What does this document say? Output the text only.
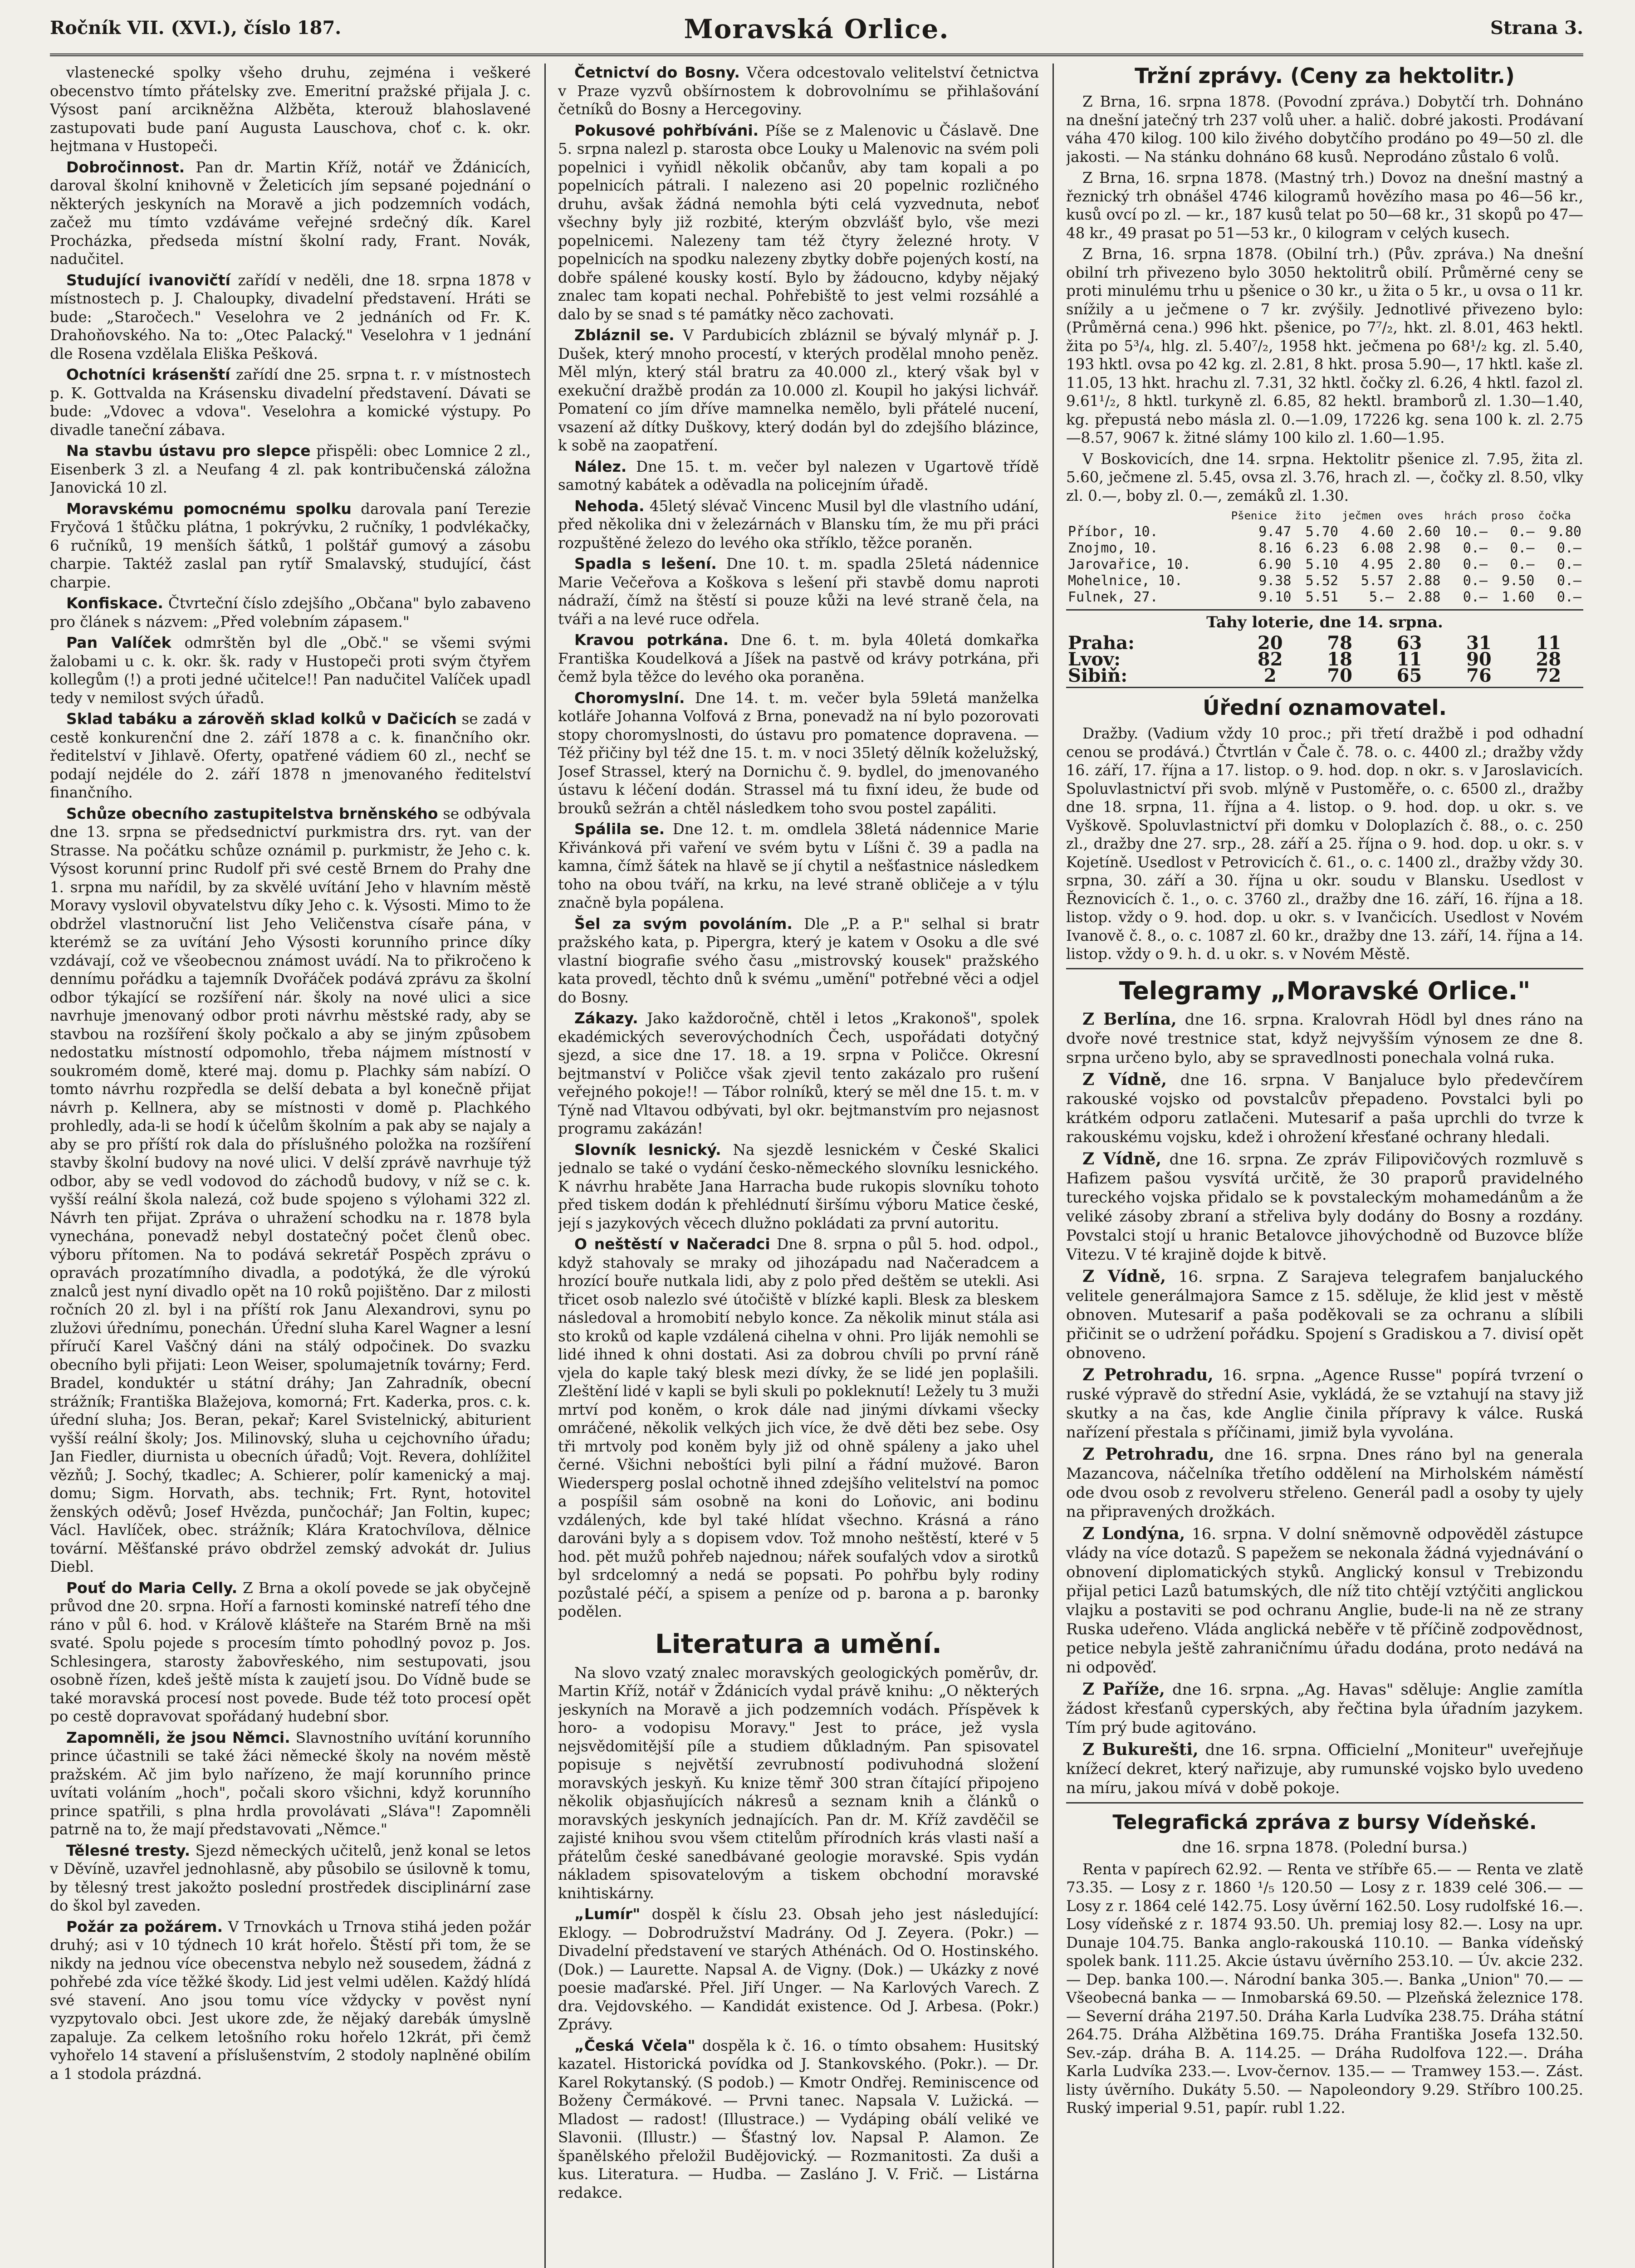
Ročník VII. (XVI.), číslo 187.	Moravská Orlice.	Strana 3.

vlastenecké spolky všeho druhu, zejména i veškeré obecenstvo tímto přátelsky zve. Emeritní pražské přijala J. c. Výsost paní arcikněžna Alžběta, kterouž blahoslavené zastupovati bude paní Augusta Lauschova, choť c. k. okr. hejtmana v Hustopeči.

Dobročinnost. Pan dr. Martin Kříž, notář ve Ždánicích, daroval školní knihovně v Želeticích jím sepsané pojednání o některých jeskyních na Moravě a jich podzemních vodách, začež mu tímto vzdáváme veřejné srdečný dík. Karel Procházka, předseda místní školní rady, Frant. Novák, nadučitel.

Studující ivanovičtí zařídí v neděli, dne 18. srpna 1878 v místnostech p. J. Chaloupky, divadelní představení. Hráti se bude: „Staročech." Veselohra ve 2 jednáních od Fr. K. Drahoňovského. Na to: „Otec Palacký." Veselohra v 1 jednání dle Rosena vzdělala Eliška Pešková.

Ochotníci krásenští zařídí dne 25. srpna t. r. v místnostech p. K. Gottvalda na Krásensku divadelní představení. Dávati se bude: „Vdovec a vdova". Veselohra a komické výstupy. Po divadle taneční zábava.

Na stavbu ústavu pro slepce přispěli: obec Lomnice 2 zl., Eisenberk 3 zl. a Neufang 4 zl. pak kontribučenská záložna Janovická 10 zl.

Moravskému pomocnému spolku darovala paní Terezie Fryčová 1 štůčku plátna, 1 pokrývku, 2 ručníky, 1 podvlékačky, 6 ručníků, 19 menších šátků, 1 polštář gumový a zásobu charpie. Taktéž zaslal pan rytíř Smalavský, studující, část charpie.

Konfiskace. Čtvrteční číslo zdejšího „Občana" bylo zabaveno pro článek s názvem: „Před volebním zápasem."

Pan Valíček odmrštěn byl dle „Obč." se všemi svými žalobami u c. k. okr. šk. rady v Hustopeči proti svým čtyřem kollegům (!) a proti jedné učitelce!! Pan nadučitel Valíček upadl tedy v nemilost svých úřadů.

Sklad tabáku a zárověň sklad kolků v Dačicích se zadá v cestě konkurenční dne 2. září 1878 a c. k. finančního okr. ředitelství v Jihlavě. Oferty, opatřené vádiem 60 zl., nechť se podají nejdéle do 2. září 1878 n jmenovaného ředitelství finančního.

Schůze obecního zastupitelstva brněnského se odbývala dne 13. srpna se předsednictví purkmistra drs. ryt. van der Strasse. Na počátku schůze oznámil p. purkmistr, že Jeho c. k. Výsost korunní princ Rudolf při své cestě Brnem do Prahy dne 1. srpna mu nařídil, by za skvělé uvítání Jeho v hlavním městě Moravy vyslovil obyvatelstvu díky Jeho c. k. Výsosti. Mimo to že obdržel vlastnoruční list Jeho Veličenstva císaře pána, v kterémž se za uvítání Jeho Výsosti korunního prince díky vzdávají, což ve všeobecnou známost uvádí. Na to přikročeno k dennímu pořádku a tajemník Dvořáček podává zprávu za školní odbor týkající se rozšíření nár. školy na nové ulici a sice navrhuje jmenovaný odbor proti návrhu městské rady, aby se stavbou na rozšíření školy počkalo a aby se jiným způsobem nedostatku místností odpomohlo, třeba nájmem místností v soukromém domě, které maj. domu p. Plachky sám nabízí. O tomto návrhu rozpředla se delší debata a byl konečně přijat návrh p. Kellnera, aby se místnosti v domě p. Plachkého prohledly, ada-li se hodí k účelům školním a pak aby se najaly a aby se pro příští rok dala do příslušného položka na rozšíření stavby školní budovy na nové ulici. V delší zprávě navrhuje týž odbor, aby se vedl vodovod do záchodů budovy, v níž se c. k. vyšší reální škola nalezá, což bude spojeno s výlohami 322 zl. Návrh ten přijat. Zpráva o uhražení schodku na r. 1878 byla vynechána, ponevadž nebyl dostatečný počet členů obec. výboru přítomen. Na to podává sekretář Pospěch zprávu o opravách prozatímního divadla, a podotýká, že dle výrokú znalců jest nyní divadlo opět na 10 roků pojištěno. Dar z milosti ročních 20 zl. byl i na příští rok Janu Alexandrovi, synu po zlužovi úřednímu, ponechán. Úřední sluha Karel Wagner a lesní příručí Karel Vaščný dáni na stálý odpočinek. Do svazku obecního byli přijati: Leon Weiser, spolumajetník továrny; Ferd. Bradel, konduktér u státní dráhy; Jan Zahradník, obecní strážník; Františka Blažejova, komorná; Frt. Kaderka, pros. c. k. úřední sluha; Jos. Beran, pekař; Karel Svistelnický, abiturient vyšší reální školy; Jos. Milinovský, sluha u cejchovního úřadu; Jan Fiedler, diurnista u obecních úřadů; Vojt. Revera, dohlížitel vězňů; J. Sochý, tkadlec; A. Schierer, polír kamenický a maj. domu; Sigm. Horvath, abs. technik; Frt. Rynt, hotovitel ženských oděvů; Josef Hvězda, punčochář; Jan Foltin, kupec; Václ. Havlíček, obec. strážník; Klára Kratochvílova, dělnice tovární. Měšťanské právo obdržel zemský advokát dr. Julius Diebl.

Pouť do Maria Celly. Z Brna a okolí povede se jak obyčejně průvod dne 20. srpna. Hoří a farnosti kominské natrefí tého dne ráno v půl 6. hod. v Králově klášteře na Starém Brně na mši svaté. Spolu pojede s procesím tímto pohodlný povoz p. Jos. Schlesingera, starosty žabovřeského, nim sestupovati, jsou osobně řízen, kdeš ještě místa k zaujetí jsou. Do Vídně bude se také moravská procesí nost povede. Bude též toto procesí opět po cestě dopravovat spořádaný hudební sbor.

Zapomněli, že jsou Němci. Slavnostního uvítání korunního prince účastnili se také žáci německé školy na novém městě pražském. Ač jim bylo nařízeno, že mají korunního prince uvítati voláním „hoch", počali skoro všichni, když korunního prince spatřili, s plna hrdla provolávati „Sláva"! Zapomněli patrně na to, že mají představovati „Němce."

Tělesné tresty. Sjezd německých učitelů, jenž konal se letos v Děvíně, uzavřel jednohlasně, aby působilo se úsilovně k tomu, by tělesný trest jakožto poslední prostředek disciplinární zase do škol byl zaveden.

Požár za požárem. V Trnovkách u Trnova stihá jeden požár druhý; asi v 10 týdnech 10 krát hořelo. Štěstí při tom, že se nikdy na jednou více obecenstva nebylo než sousedem, žádná z pohřebé zda více těžké škody. Lid jest velmi udělen. Každý hlídá své stavení. Ano jsou tomu více vždycky v pověst nyní vyzpytovalo obci. Jest ukore zde, že nějaký darebák úmyslně zapaluje. Za celkem letošního roku hořelo 12krát, při čemž vyhořelo 14 stavení a příslušenstvím, 2 stodoly naplněné obilím a 1 stodola prázdná.

Četnictví do Bosny. Včera odcestovalo velitelství četnictva v Praze vyzvů obšírnostem k dobrovolnímu se přihlašování četníků do Bosny a Hercegoviny.

Pokusové pohřbíváni. Píše se z Malenovic u Čáslavě. Dne 5. srpna nalezl p. starosta obce Louky u Malenovic na svém poli popelnici i vyňidl několik občanův, aby tam kopali a po popelnicích pátrali. I nalezeno asi 20 popelnic rozličného druhu, avšak žádná nemohla býti celá vyzvednuta, neboť všechny byly již rozbité, kterým obzvlášť bylo, vše mezi popelnicemi. Nalezeny tam též čtyry železné hroty. V popelnicích na spodku nalezeny zbytky dobře pojených kostí, na dobře spálené kousky kostí. Bylo by žádoucno, kdyby nějaký znalec tam kopati nechal. Pohřebiště to jest velmi rozsáhlé a dalo by se snad s té památky něco zachovati.

Zbláznil se. V Pardubicích zbláznil se bývalý mlynář p. J. Dušek, který mnoho procestí, v kterých prodělal mnoho peněz. Měl mlýn, který stál bratru za 40.000 zl., který však byl v exekuční dražbě prodán za 10.000 zl. Koupil ho jakýsi lichvář. Pomatení co jím dříve mamnelka nemělo, byli přátelé nucení, vsazení až dítky Duškovy, který dodán byl do zdejšího blázince, k sobě na zaopatření.

Nález. Dne 15. t. m. večer byl nalezen v Ugartově třídě samotný kabátek a oděvadla na policejním úřadě.

Nehoda. 45letý slévač Vincenc Musil byl dle vlastního udání, před několika dni v železárnách v Blansku tím, že mu při práci rozpuštěné železo do levého oka stříklo, těžce poraněn.

Spadla s lešení. Dne 10. t. m. spadla 25letá nádennice Marie Večeřova a Koškova s lešení při stavbě domu naproti nádraží, čímž na štěstí si pouze kůži na levé straně čela, na tváři a na levé ruce odřela.

Kravou potrkána. Dne 6. t. m. byla 40letá domkařka Františka Koudelková a Jíšek na pastvě od krávy potrkána, při čemž byla těžce do levého oka poraněna.

Choromyslní. Dne 14. t. m. večer byla 59letá manželka kotláře Johanna Volfová z Brna, ponevadž na ní bylo pozorovati stopy choromyslnosti, do ústavu pro pomatence dopravena. — Též přičiny byl též dne 15. t. m. v noci 35letý dělník koželužský, Josef Strassel, který na Dornichu č. 9. bydlel, do jmenovaného ústavu k léčení dodán. Strassel má tu fixní ideu, že bude od brouků sežrán a chtěl následkem toho svou postel zapáliti.

Spálila se. Dne 12. t. m. omdlela 38letá nádennice Marie Křivánková při vaření ve svém bytu v Líšni č. 39 a padla na kamna, čímž šátek na hlavě se jí chytil a nešťastnice následkem toho na obou tváří, na krku, na levé straně obličeje a v týlu značně byla popálena.

Šel za svým povoláním. Dle „P. a P." selhal si bratr pražského kata, p. Pipergra, který je katem v Osoku a dle své vlastní biografie svého času „mistrovský kousek" pražského kata provedl, těchto dnů k svému „umění" potřebné věci a odjel do Bosny.

Zákazy. Jako každoročně, chtěl i letos „Krakonoš", spolek ekadémických severovýchodních Čech, uspořádati dotyčný sjezd, a sice dne 17. 18. a 19. srpna v Poličce. Okresní bejtmanství v Poličce však zjevil tento zakázalo pro rušení veřejného pokoje!! — Tábor rolníků, který se měl dne 15. t. m. v Týně nad Vltavou odbývati, byl okr. bejtmanstvím pro nejasnost programu zakázán!

Slovník lesnický. Na sjezdě lesnickém v České Skalici jednalo se také o vydání česko-německého slovníku lesnického. K návrhu hraběte Jana Harracha bude rukopis slovníku tohoto před tiskem dodán k přehlédnutí širšímu výboru Matice české, její s jazykových věcech dlužno pokládati za první autoritu.

O neštěstí v Načeradci Dne 8. srpna o půl 5. hod. odpol., když stahovaly se mraky od jihozápadu nad Načeradcem a hrozící bouře nutkala lidi, aby z polo před deštěm se utekli. Asi třicet osob nalezlo své útočiště v blízké kapli. Blesk za bleskem následoval a hromobití nebylo konce. Za několik minut stála asi sto kroků od kaple vzdálená cihelna v ohni. Pro liják nemohli se lidé ihned k ohni dostati. Asi za dobrou chvíli po první ráně vjela do kaple taký blesk mezi dívky, že se lidé jen poplašili. Zleštění lidé v kapli se byli skuli po pokleknutí! Ležely tu 3 muži mrtví pod koněm, o krok dále nad jinými dívkami všecky omráčené, několik velkých jich více, že dvě děti bez sebe. Osy tři mrtvoly pod koněm byly již od ohně spáleny a jako uhel černé. Všichni neboštíci byli pilní a řádní mužové. Baron Wiedersperg poslal ochotně ihned zdejšího velitelství na pomoc a pospíšil sám osobně na koni do Loňovic, ani bodinu vzdálených, kde byl také hlídat všechno. Krásná a ráno darováni byly a s dopisem vdov. Tož mnoho neštěstí, které v 5 hod. pět mužů pohřeb najednou; nářek soufalých vdov a sirotků byl srdcelomný a nedá se popsati. Po pohřbu byly rodiny pozůstalé péčí, a spisem a peníze od p. barona a p. baronky podělen.

Literatura a umění.

Na slovo vzatý znalec moravských geologických poměrův, dr. Martin Kříž, notář v Ždánicích vydal právě knihu: „O některých jeskyních na Moravě a jich podzemních vodách. Příspěvek k horo- a vodopisu Moravy." Jest to práce, jež vysla nejsvědomitější píle a studiem důkladným. Pan spisovatel popisuje s největší zevrubností podivuhodná složení moravských jeskyň. Ku knize těmř 300 stran čítající připojeno několik objasňujících nákresů a seznam knih a článků o moravských jeskyních jednajících. Pan dr. M. Kříž zavděčil se zajisté knihou svou všem ctitelům přírodních krás vlasti naší a přátelům české sanedbávané geologie moravské. Spis vydán nákladem spisovatelovým a tiskem obchodní moravské knihtiskárny.

„Lumír" dospěl k číslu 23. Obsah jeho jest následující: Eklogy. — Dobrodružství Madrány. Od J. Zeyera. (Pokr.) — Divadelní představení ve starých Athénách. Od O. Hostinského. (Dok.) — Laurette. Napsal A. de Vigny. (Dok.) — Ukázky z nové poesie maďarské. Přel. Jiří Unger. — Na Karlových Varech. Z dra. Vejdovského. — Kandidát existence. Od J. Arbesa. (Pokr.) Zprávy.

„Česká Včela" dospěla k č. 16. o tímto obsahem: Husitský kazatel. Historická povídka od J. Stankovského. (Pokr.). — Dr. Karel Rokytanský. (S podob.) — Kmotr Ondřej. Reminiscence od Boženy Čermákové. — Prvni tanec. Napsala V. Lužická. — Mladost — radost! (Illustrace.) — Vydáping obálí veliké ve Slavonii. (Illustr.) — Šťastný lov. Napsal P. Alamon. Ze španělského přeložil Budějovický. — Rozmanitosti. Za duši a kus. Literatura. — Hudba. — Zasláno J. V. Frič. — Listárna redakce.

Tržní zprávy. (Ceny za hektolitr.)

Z Brna, 16. srpna 1878. (Povodní zpráva.) Dobytčí trh. Dohnáno na dnešní jatečný trh 237 volů uher. a halič. dobré jakosti. Prodávaní váha 470 kilog. 100 kilo živého dobytčího prodáno po 49—50 zl. dle jakosti. — Na stánku dohnáno 68 kusů. Neprodáno zůstalo 6 volů.

Z Brna, 16. srpna 1878. (Mastný trh.) Dovoz na dnešní mastný a řeznický trh obnášel 4746 kilogramů hovězího masa po 46—56 kr., kusů ovcí po zl. — kr., 187 kusů telat po 50—68 kr., 31 skopů po 47—48 kr., 49 prasat po 51—53 kr., 0 kilogram v celých kusech.

Z Brna, 16. srpna 1878. (Obilní trh.) (Pův. zpráva.) Na dnešní obilní trh přivezeno bylo 3050 hektolitrů obilí. Průměrné ceny se proti minulému trhu u pšenice o 30 kr., u žita o 5 kr., u ovsa o 11 kr. snížily a u ječmene o 7 kr. zvýšily. Jednotlivé přivezeno bylo: (Průměrná cena.) 996 hkt. pšenice, po 7⁷/₂, hkt. zl. 8.01, 463 hektl. žita po 5³/₄, hlg. zl. 5.40⁷/₂, 1958 hkt. ječmena po 68¹/₂ kg. zl. 5.40, 193 hktl. ovsa po 42 kg. zl. 2.81, 8 hkt. prosa 5.90—, 17 hktl. kaše zl. 11.05, 13 hkt. hrachu zl. 7.31, 32 hktl. čočky zl. 6.26, 4 hktl. fazol zl. 9.61¹/₂, 8 hktl. turkyně zl. 6.85, 82 hektl. bramborů zl. 1.30—1.40, kg. přepustá nebo másla zl. 0.—1.09, 17226 kg. sena 100 k. zl. 2.75—8.57, 9067 k. žitné slámy 100 kilo zl. 1.60—1.95.

V Boskovicích, dne 14. srpna. Hektolitr pšenice zl. 7.95, žita zl. 5.60, ječmene zl. 5.45, ovsa zl. 3.76, hrach zl. —, čočky zl. 8.50, vlky zl. 0.—, boby zl. 0.—, zemáků zl. 1.30.

	Pšenice	žito	ječmen	oves	hrách	proso	čočka
Příbor, 10.	9.47	5.70	4.60	2.60	10.—	0.—	9.80
Znojmo, 10.	8.16	6.23	6.08	2.98	0.—	0.—	0.—
Jarovařice, 10.	6.90	5.10	4.95	2.80	0.—	0.—	0.—
Mohelnice, 10.	9.38	5.52	5.57	2.88	0.—	9.50	0.—
Fulnek, 27.	9.10	5.51	5.—	2.88	0.—	1.60	0.—
Tahy loterie, dne 14. srpna.
Praha:	20	78	63	31	11
Lvov:	82	18	11	90	28
Sibiň:	2	70	65	76	72
Úřední oznamovatel.

Dražby. (Vadium vždy 10 proc.; při třetí dražbě i pod odhadní cenou se prodává.) Čtvrtlán v Čale č. 78. o. c. 4400 zl.; dražby vždy 16. září, 17. října a 17. listop. o 9. hod. dop. n okr. s. v Jaroslavicích. Spoluvlastnictví při svob. mlýně v Pustoměře, o. c. 6500 zl., dražby dne 18. srpna, 11. října a 4. listop. o 9. hod. dop. u okr. s. ve Vyškově. Spoluvlastnictví při domku v Doloplazích č. 88., o. c. 250 zl., dražby dne 27. srp., 28. září a 25. října o 9. hod. dop. u okr. s. v Kojetíně. Usedlost v Petrovicích č. 61., o. c. 1400 zl., dražby vždy 30. srpna, 30. září a 30. října u okr. soudu v Blansku. Usedlost v Řeznovicích č. 1., o. c. 3760 zl., dražby dne 16. září, 16. října a 18. listop. vždy o 9. hod. dop. u okr. s. v Ivančicích. Usedlost v Novém Ivanově č. 8., o. c. 1087 zl. 60 kr., dražby dne 13. září, 14. října a 14. listop. vždy o 9. h. d. u okr. s. v Novém Městě.

Telegramy „Moravské Orlice."

Z Berlína, dne 16. srpna. Kralovrah Hödl byl dnes ráno na dvoře nové trestnice stat, když nejvyšším výnosem ze dne 8. srpna určeno bylo, aby se spravedlnosti ponechala volná ruka.

Z Vídně, dne 16. srpna. V Banjaluce bylo předevčírem rakouské vojsko od povstalcův přepadeno. Povstalci byli po krátkém odporu zatlačeni. Mutesarif a paša uprchli do tvrze k rakouskému vojsku, kdež i ohrožení křesťané ochrany hledali.

Z Vídně, dne 16. srpna. Ze zpráv Filipovičových rozmluvě s Hafizem pašou vysvítá určitě, že 30 praporů pravidelného tureckého vojska přidalo se k povstaleckým mohamedánům a že veliké zásoby zbraní a střeliva byly dodány do Bosny a rozdány. Povstalci stojí u hranic Betalovce jihovýchodně od Buzovce blíže Vitezu. V té krajině dojde k bitvě.

Z Vídně, 16. srpna. Z Sarajeva telegrafem banjaluckého velitele generálmajora Samce z 15. sděluje, že klid jest v městě obnoven. Mutesarif a paša poděkovali se za ochranu a slíbili přičinit se o udržení pořádku. Spojení s Gradiskou a 7. divisí opět obnoveno.

Z Petrohradu, 16. srpna. „Agence Russe" popírá tvrzení o ruské výpravě do střední Asie, vykládá, že se vztahují na stavy již skutky a na čas, kde Anglie činila přípravy k válce. Ruská nařízení přestala s příčinami, jimiž byla vyvolána.

Z Petrohradu, dne 16. srpna. Dnes ráno byl na generala Mazancova, náčelníka třetího oddělení na Mirholském náměstí ode dvou osob z revolveru střeleno. Generál padl a osoby ty ujely na připravených drožkách.

Z Londýna, 16. srpna. V dolní sněmovně odpověděl zástupce vlády na více dotazů. S papežem se nekonala žádná vyjednávání o obnovení diplomatických styků. Anglický konsul v Trebizondu přijal petici Lazů batumských, dle níž tito chtějí vztýčiti anglickou vlajku a postaviti se pod ochranu Anglie, bude-li na ně ze strany Ruska udeřeno. Vláda anglická neběře v tě příčině zodpovědnost, petice nebyla ještě zahraničnímu úřadu dodána, proto nedává na ni odpověď.

Z Paříže, dne 16. srpna. „Ag. Havas" sděluje: Anglie zamítla žádost křesťanů cyperských, aby řečtina byla úřadním jazykem. Tím prý bude agitováno.

Z Bukurešti, dne 16. srpna. Officielní „Moniteur" uveřejňuje knížecí dekret, který nařizuje, aby rumunské vojsko bylo uvedeno na míru, jakou mívá v době pokoje.

Telegrafická zpráva z bursy Vídeňské.
dne 16. srpna 1878. (Polední bursa.)

Renta v papírech 62.92. — Renta ve stříbře 65.— — Renta ve zlatě 73.35. — Losy z r. 1860 ¹/₅ 120.50 — Losy z r. 1839 celé 306.— — Losy z r. 1864 celé 142.75. Losy úvěrní 162.50. Losy rudolfské 16.—. Losy vídeňské z r. 1874 93.50. Uh. premiaj losy 82.—. Losy na upr. Dunaje 104.75. Banka anglo-rakouská 110.10. — Banka vídeňský spolek bank. 111.25. Akcie ústavu úvěrního 253.10. — Úv. akcie 232.— Dep. banka 100.—. Národní banka 305.—. Banka „Union" 70.— — Všeobecná banka — — Inmobarská 69.50. — Plzeňská železnice 178.— Severní dráha 2197.50. Dráha Karla Ludvíka 238.75. Dráha státní 264.75. Dráha Alžbětina 169.75. Dráha Františka Josefa 132.50. Sev.-záp. dráha B. A. 114.25. — Dráha Rudolfova 122.—. Dráha Karla Ludvíka 233.—. Lvov-černov. 135.— — Tramwey 153.—. Zást. listy úvěrního. Dukáty 5.50. — Napoleondory 9.29. Stříbro 100.25. Ruský imperial 9.51, papír. rubl 1.22.
